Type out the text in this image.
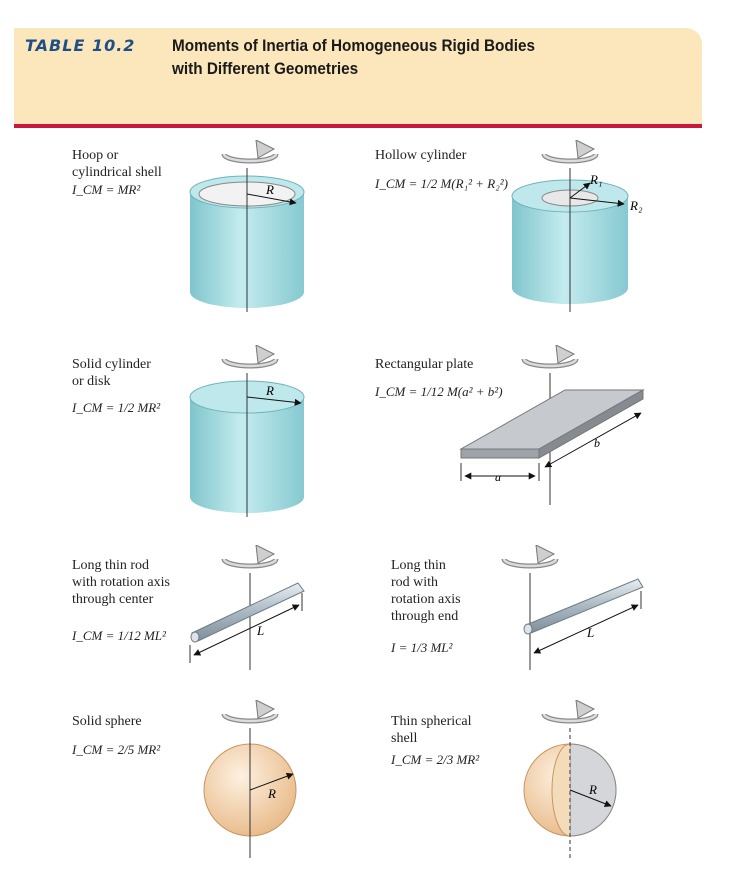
TABLE 10.2 Moments of Inertia of Homogeneous Rigid Bodies
with Different Geometries
Hoop or
cylindrical shell
I_CM = MR²	R
Hollow cylinder
I_CM = 1/2 M(R₁² + R₂²)	R₁
R₂
Solid cylinder
or disk
I_CM = 1/2 MR²
R
Rectangular plate
I_CM = 1/12 M(a² + b²)
a
b
Long thin rod
with rotation axis
through center
I_CM = 1/12 ML²	L
Long thin
rod with
rotation axis
through end
I = 1/3 ML²
L
Solid sphere
I_CM = 2/5 MR²
R
Thin spherical
shell
I_CM = 2/3 MR²
R
